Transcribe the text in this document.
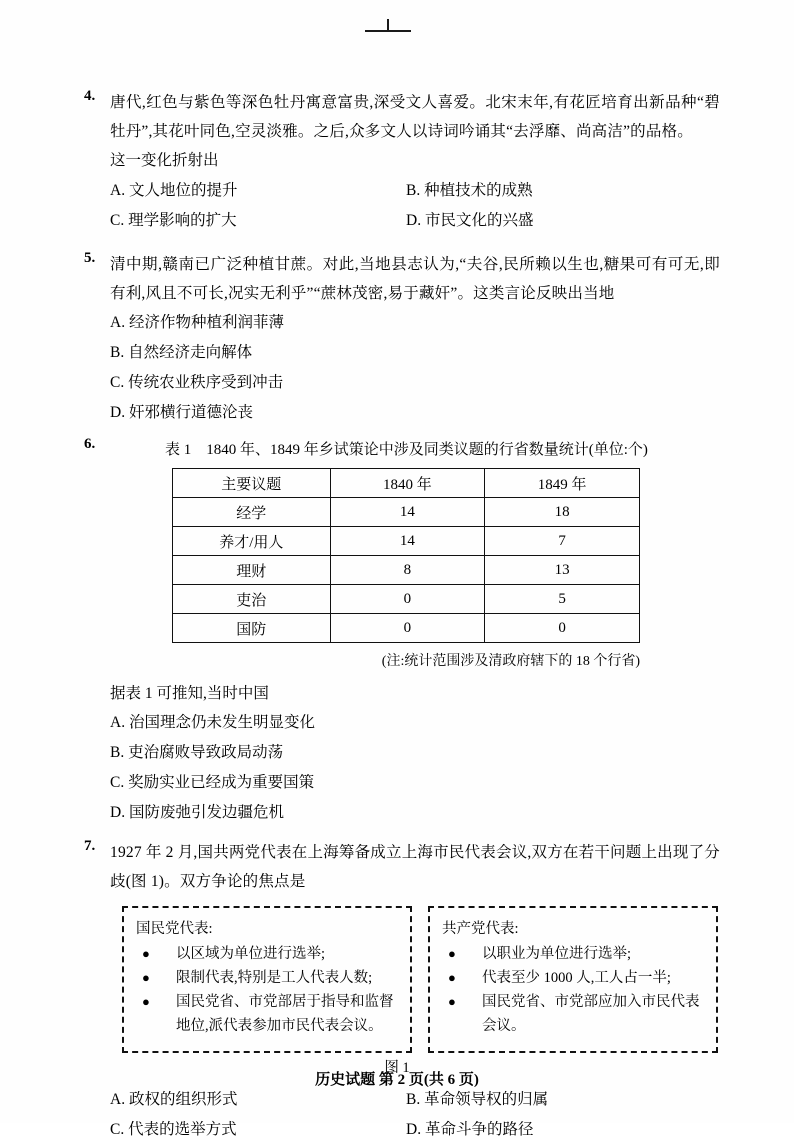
4. 唐代,红色与紫色等深色牡丹寓意富贵,深受文人喜爱。北宋末年,有花匠培育出新品种“碧牡丹”,其花叶同色,空灵淡雅。之后,众多文人以诗词吟诵其“去浮靡、尚高洁”的品格。
这一变化折射出
A. 文人地位的提升	B. 种植技术的成熟
C. 理学影响的扩大	D. 市民文化的兴盛
5. 清中期,赣南已广泛种植甘蔗。对此,当地县志认为,“夫谷,民所赖以生也,糖果可有可无,即有利,风且不可长,况实无利乎”“蔗林茂密,易于藏奸”。这类言论反映出当地
A. 经济作物种植利润菲薄
B. 自然经济走向解体
C. 传统农业秩序受到冲击
D. 奸邪横行道德沦丧
6.	表 1　1840 年、1849 年乡试策论中涉及同类议题的行省数量统计(单位:个)
主要议题	1840 年	1849 年
经学	14	18
养才/用人	14	7
理财	8	13
吏治	0	5
国防	0	0
(注:统计范围涉及清政府辖下的 18 个行省)
据表 1 可推知,当时中国
A. 治国理念仍未发生明显变化
B. 吏治腐败导致政局动荡
C. 奖励实业已经成为重要国策
D. 国防废弛引发边疆危机
7. 1927 年 2 月,国共两党代表在上海筹备成立上海市民代表会议,双方在若干问题上出现了分歧(图 1)。双方争论的焦点是
国民党代表:
● 以区域为单位进行选举;
● 限制代表,特别是工人代表人数;
● 国民党省、市党部居于指导和监督地位,派代表参加市民代表会议。
共产党代表:
● 以职业为单位进行选举;
● 代表至少 1000 人,工人占一半;
● 国民党省、市党部应加入市民代表会议。
图 1
A. 政权的组织形式	B. 革命领导权的归属
C. 代表的选举方式	D. 革命斗争的路径
历史试题 第 2 页(共 6 页)
